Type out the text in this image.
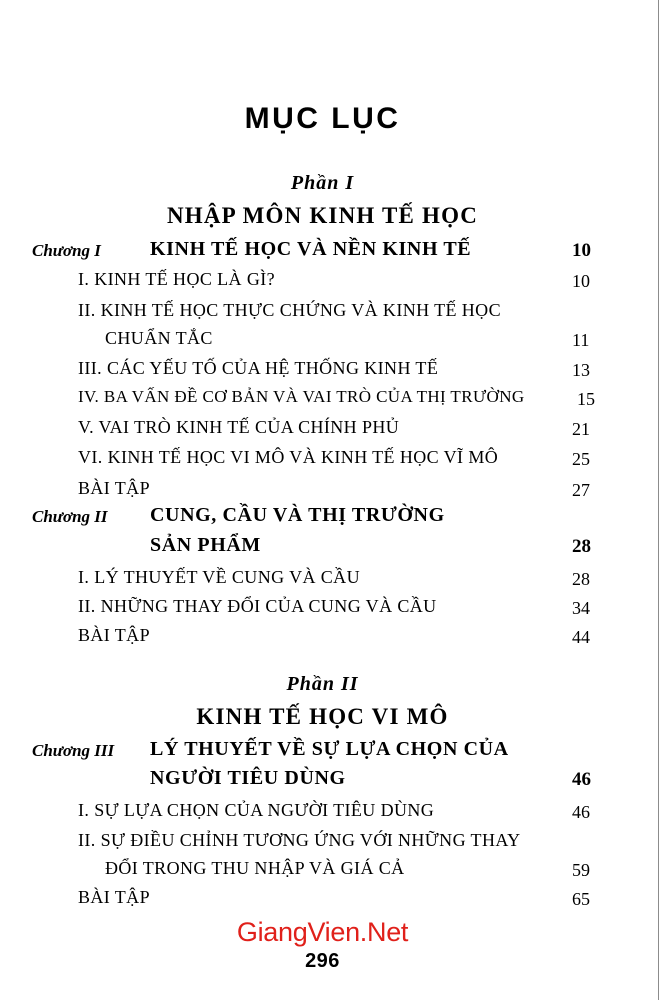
MỤC LỤC
Phần I
NHẬP MÔN KINH TẾ HỌC
Chương I KINH TẾ HỌC VÀ NỀN KINH TẾ	10
I. KINH TẾ HỌC LÀ GÌ?	10
II. KINH TẾ HỌC THỰC CHỨNG VÀ KINH TẾ HỌC
CHUẨN TẮC	11
III. CÁC YẾU TỐ CỦA HỆ THỐNG KINH TẾ	13
IV. BA VẤN ĐỀ CƠ BẢN VÀ VAI TRÒ CỦA THỊ TRƯỜNG	15
V. VAI TRÒ KINH TẾ CỦA CHÍNH PHỦ	21
VI. KINH TẾ HỌC VI MÔ VÀ KINH TẾ HỌC VĨ MÔ	25
BÀI TẬP	27
Chương II CUNG, CẦU VÀ THỊ TRƯỜNG
SẢN PHẨM	28
I. LÝ THUYẾT VỀ CUNG VÀ CẦU	28
II. NHỮNG THAY ĐỔI CỦA CUNG VÀ CẦU	34
BÀI TẬP	44
Phần II
KINH TẾ HỌC VI MÔ
Chương III LÝ THUYẾT VỀ SỰ LỰA CHỌN CỦA
NGƯỜI TIÊU DÙNG	46
I. SỰ LỰA CHỌN CỦA NGƯỜI TIÊU DÙNG	46
II. SỰ ĐIỀU CHỈNH TƯƠNG ỨNG VỚI NHỮNG THAY
ĐỔI TRONG THU NHẬP VÀ GIÁ CẢ	59
BÀI TẬP	65
GiangVien.Net
296
